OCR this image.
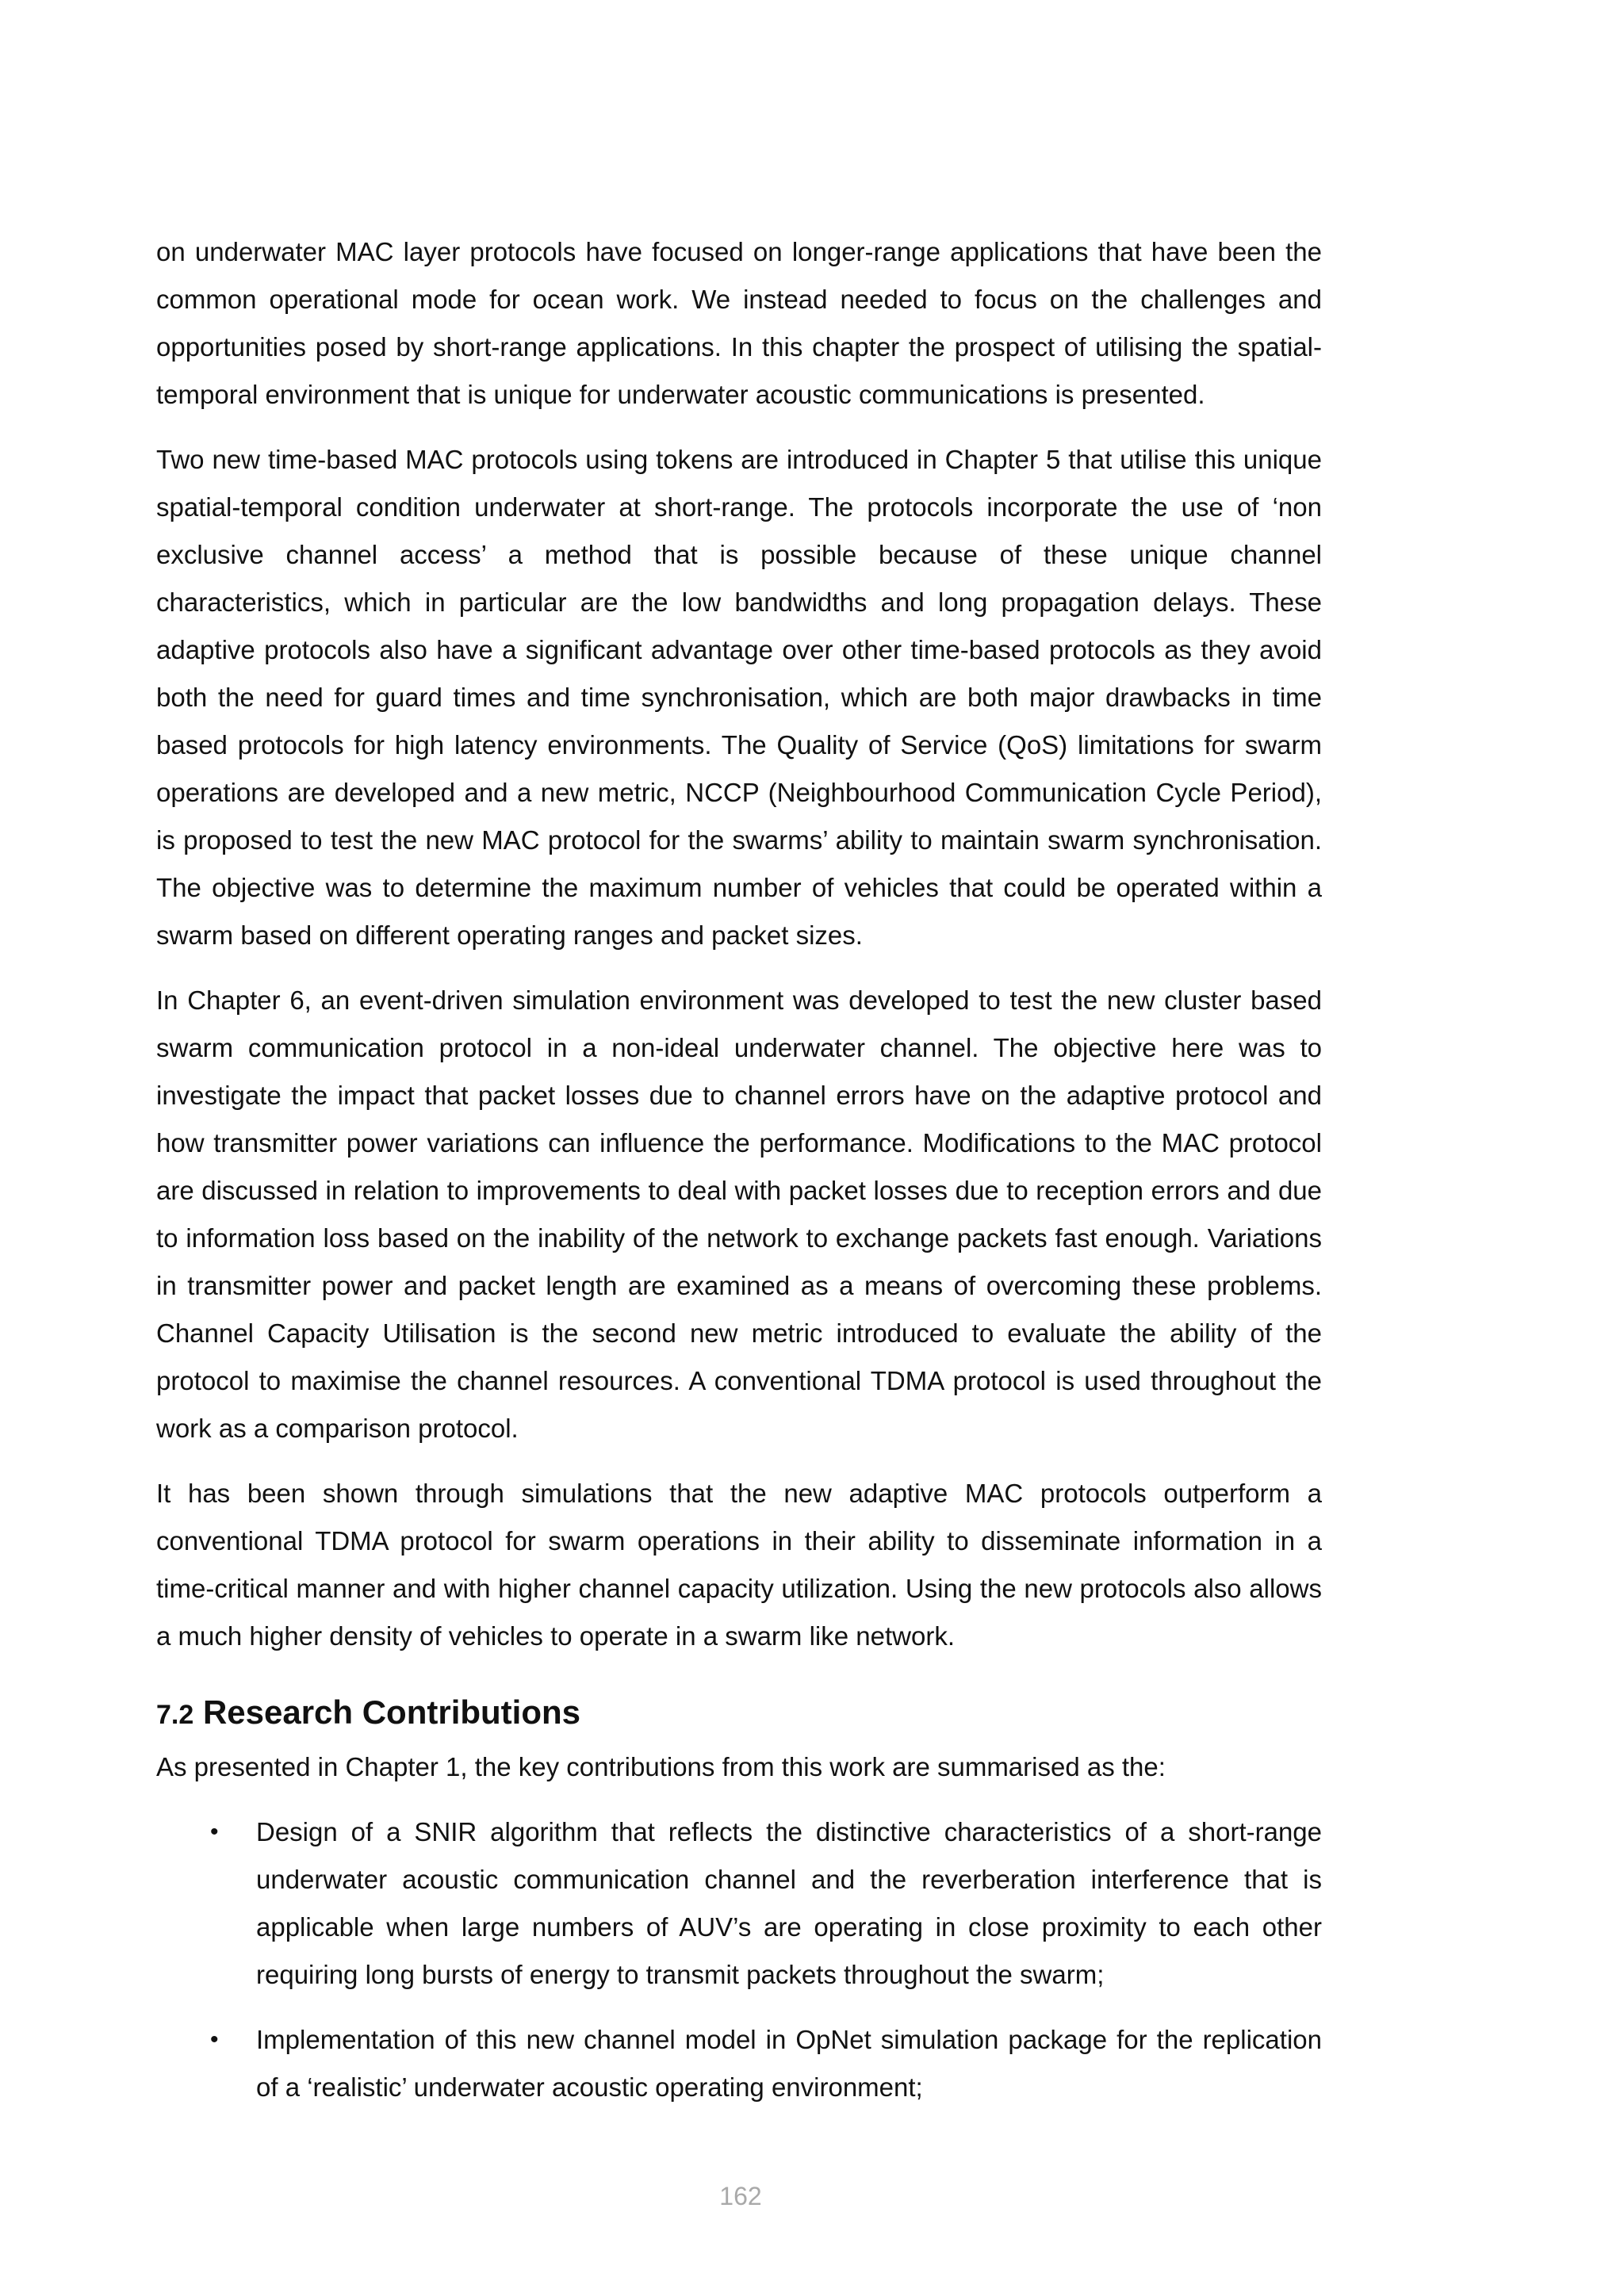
on underwater MAC layer protocols have focused on longer-range applications that have been the common operational mode for ocean work. We instead needed to focus on the challenges and opportunities posed by short-range applications. In this chapter the prospect of utilising the spatial-temporal environment that is unique for underwater acoustic communications is presented.

Two new time-based MAC protocols using tokens are introduced in Chapter 5 that utilise this unique spatial-temporal condition underwater at short-range. The protocols incorporate the use of ‘non exclusive channel access’ a method that is possible because of these unique channel characteristics, which in particular are the low bandwidths and long propagation delays. These adaptive protocols also have a significant advantage over other time-based protocols as they avoid both the need for guard times and time synchronisation, which are both major drawbacks in time based protocols for high latency environments. The Quality of Service (QoS) limitations for swarm operations are developed and a new metric, NCCP (Neighbourhood Communication Cycle Period), is proposed to test the new MAC protocol for the swarms’ ability to maintain swarm synchronisation. The objective was to determine the maximum number of vehicles that could be operated within a swarm based on different operating ranges and packet sizes.

In Chapter 6, an event-driven simulation environment was developed to test the new cluster based swarm communication protocol in a non-ideal underwater channel. The objective here was to investigate the impact that packet losses due to channel errors have on the adaptive protocol and how transmitter power variations can influence the performance. Modifications to the MAC protocol are discussed in relation to improvements to deal with packet losses due to reception errors and due to information loss based on the inability of the network to exchange packets fast enough. Variations in transmitter power and packet length are examined as a means of overcoming these problems. Channel Capacity Utilisation is the second new metric introduced to evaluate the ability of the protocol to maximise the channel resources. A conventional TDMA protocol is used throughout the work as a comparison protocol.

It has been shown through simulations that the new adaptive MAC protocols outperform a conventional TDMA protocol for swarm operations in their ability to disseminate information in a time-critical manner and with higher channel capacity utilization. Using the new protocols also allows a much higher density of vehicles to operate in a swarm like network.

7.2 Research Contributions

As presented in Chapter 1, the key contributions from this work are summarised as the:

• Design of a SNIR algorithm that reflects the distinctive characteristics of a short-range underwater acoustic communication channel and the reverberation interference that is applicable when large numbers of AUV’s are operating in close proximity to each other requiring long bursts of energy to transmit packets throughout the swarm;
• Implementation of this new channel model in OpNet simulation package for the replication of a ‘realistic’ underwater acoustic operating environment;
162
